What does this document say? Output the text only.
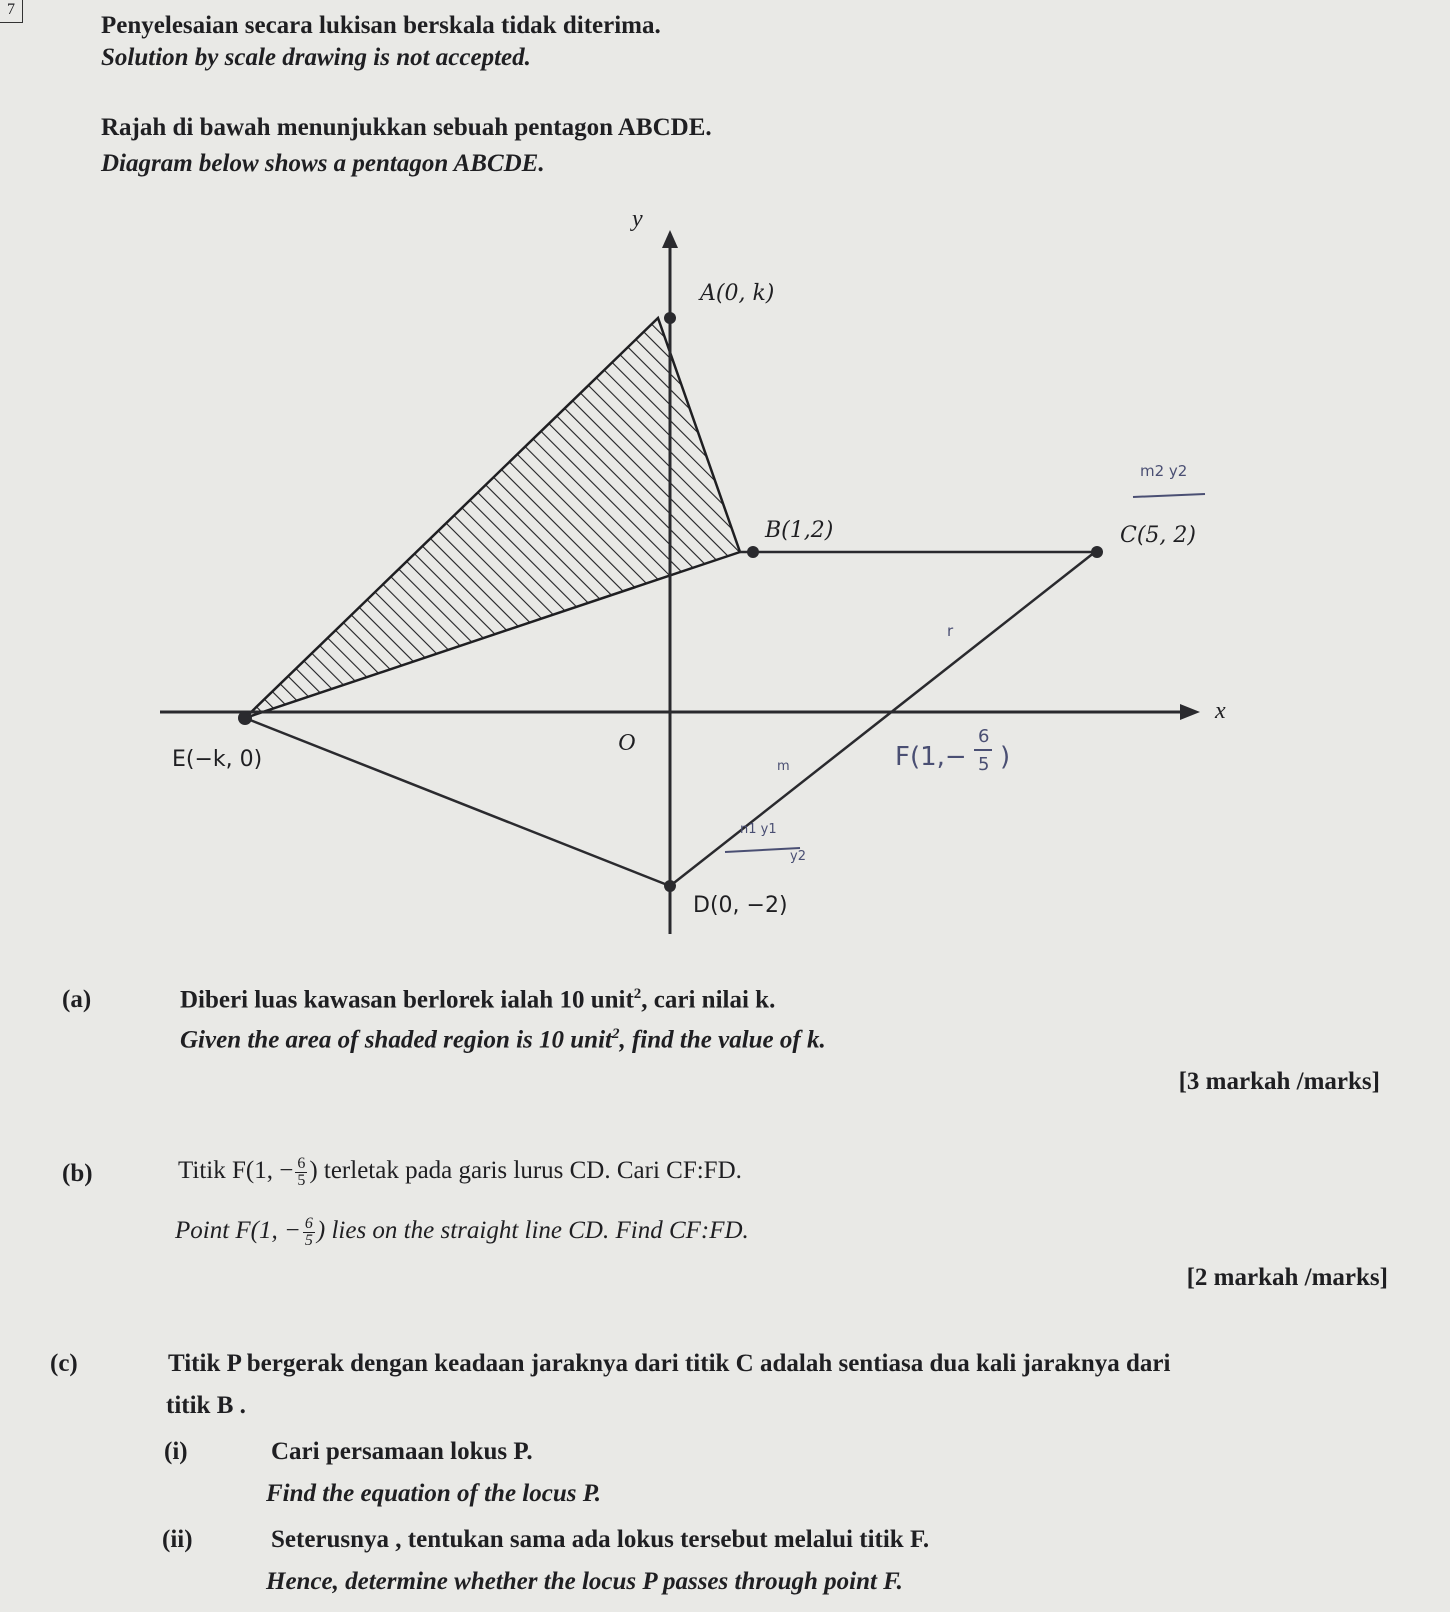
7
Penyelesaian secara lukisan berskala tidak diterima.
Solution by scale drawing is not accepted.
Rajah di bawah menunjukkan sebuah pentagon ABCDE.
Diagram below shows a pentagon ABCDE.
y
x
O
A(0, k)
B(1,2)	C(5, 2)
D(0, −2)
E(−k, 0)	F(1,−
6
5 )
m2 y2
r
m
n1 y1
y2
(a)	Diberi luas kawasan berlorek ialah 10 unit$^2$, cari nilai k.
Given the area of shaded region is 10 unit$^2$, find the value of k.
[3 markah /marks]
(b)	Titik F(1, − $\frac{6}{5}$ ) terletak pada garis lurus CD. Cari CF:FD.
Point F(1, − $\frac{6}{5}$ ) lies on the straight line CD. Find CF:FD.
[2 markah /marks]
(c)	Titik P bergerak dengan keadaan jaraknya dari titik C adalah sentiasa dua kali jaraknya dari
titik B .
(i)	Cari persamaan lokus P.
Find the equation of the locus P.
(ii)	Seterusnya , tentukan sama ada lokus tersebut melalui titik F.
Hence, determine whether the locus P passes through point F.
